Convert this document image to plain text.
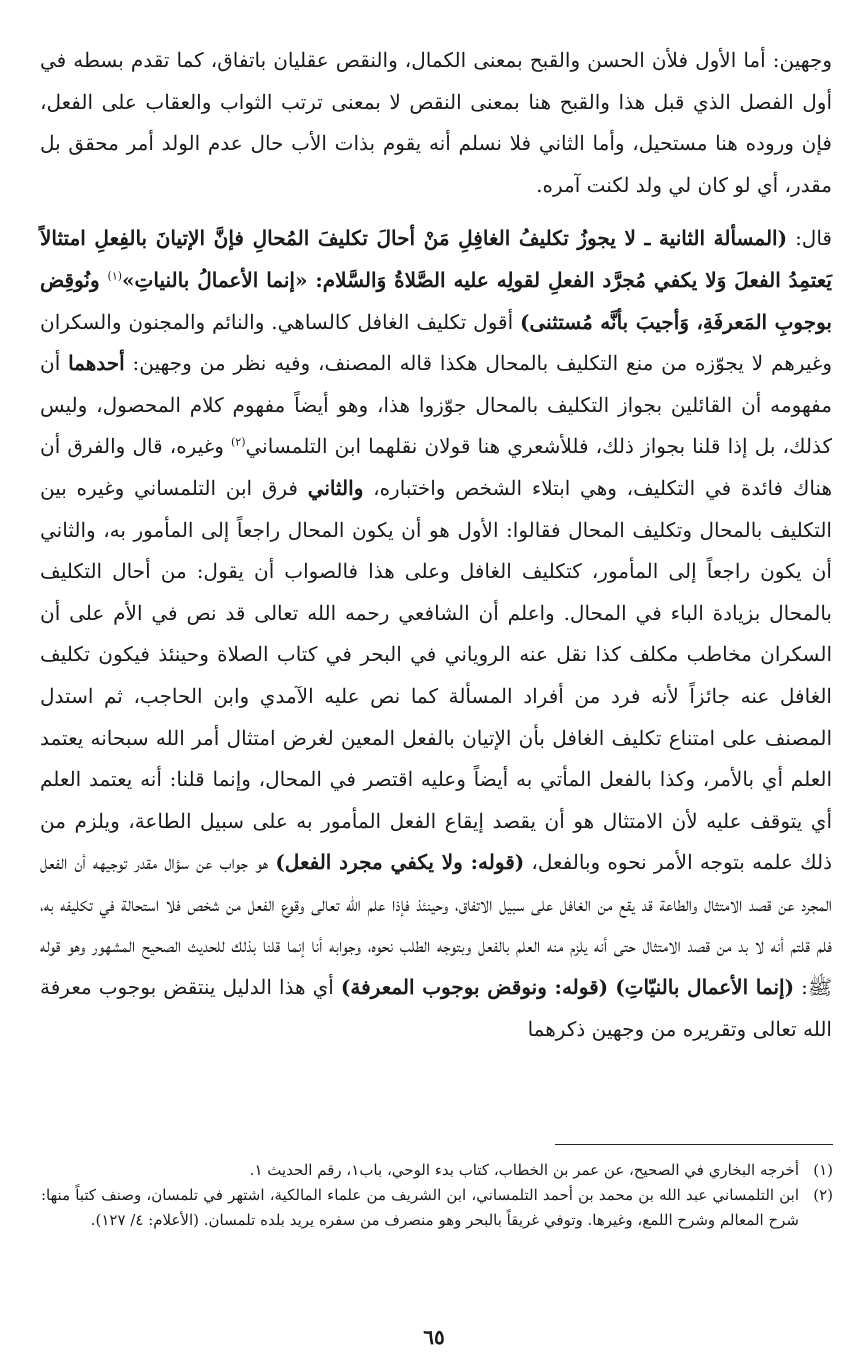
وجهين: أما الأول فلأن الحسن والقبح بمعنى الكمال، والنقص عقليان باتفاق، كما تقدم بسطه في أول الفصل الذي قبل هذا والقبح هنا بمعنى النقص لا بمعنى ترتب الثواب والعقاب على الفعل، فإن وروده هنا مستحيل، وأما الثاني فلا نسلم أنه يقوم بذات الأب حال عدم الولد أمر محقق بل مقدر، أي لو كان لي ولد لكنت آمره.

قال: (المسألة الثانية ـ لا يجوزُ تكليفُ الغافِلِ مَنْ أحالَ تكليفَ المُحالِ فإنَّ الإتيانَ بالفِعلِ امتثالاً يَعتمِدُ الفعلَ وَلا يكفي مُجرَّد الفعلِ لقولِه عليه الصَّلاةُ وَالسَّلام: «إنما الأعمالُ بالنياتِ»$^{(١)}$ ونُوقِض بوجوبِ المَعرفَةِ، وَأجيبَ بأنَّه مُستثنى) أقول تكليف الغافل كالساهي. والنائم والمجنون والسكران وغيرهم لا يجوّزه من منع التكليف بالمحال هكذا قاله المصنف، وفيه نظر من وجهين: أحدهما أن مفهومه أن القائلين بجواز التكليف بالمحال جوّزوا هذا، وهو أيضاً مفهوم كلام المحصول، وليس كذلك، بل إذا قلنا بجواز ذلك، فللأشعري هنا قولان نقلهما ابن التلمساني$^{(٢)}$ وغيره، قال والفرق أن هناك فائدة في التكليف، وهي ابتلاء الشخص واختباره، والثاني فرق ابن التلمساني وغيره بين التكليف بالمحال وتكليف المحال فقالوا: الأول هو أن يكون المحال راجعاً إلى المأمور به، والثاني أن يكون راجعاً إلى المأمور، كتكليف الغافل وعلى هذا فالصواب أن يقول: من أحال التكليف بالمحال بزيادة الباء في المحال. واعلم أن الشافعي رحمه الله تعالى قد نص في الأم على أن السكران مخاطب مكلف كذا نقل عنه الروياني في البحر في كتاب الصلاة وحينئذ فيكون تكليف الغافل عنه جائزاً لأنه فرد من أفراد المسألة كما نص عليه الآمدي وابن الحاجب، ثم استدل المصنف على امتناع تكليف الغافل بأن الإتيان بالفعل المعين لغرض امتثال أمر الله سبحانه يعتمد العلم أي بالأمر، وكذا بالفعل المأتي به أيضاً وعليه اقتصر في المحال، وإنما قلنا: أنه يعتمد العلم أي يتوقف عليه لأن الامتثال هو أن يقصد إيقاع الفعل المأمور به على سبيل الطاعة، ويلزم من ذلك علمه بتوجه الأمر نحوه وبالفعل، (قوله: ولا يكفي مجرد الفعل) هو جواب عن سؤال مقدر توجيهه أن الفعل المجرد عن قصد الامتثال والطاعة قد يقع من الغافل على سبيل الاتفاق، وحينئذ فإذا علم الله تعالى وقوع الفعل من شخص فلا استحالة في تكليفه به، فلم قلتم أنه لا بد من قصد الامتثال حتى أنه يلزم منه العلم بالفعل وبتوجه الطلب نحوه، وجوابه أنا إنما قلنا بذلك للحديث الصحيح المشهور وهو قوله ﷺ: (إنما الأعمال بالنيّاتِ) (قوله: ونوقض بوجوب المعرفة) أي هذا الدليل ينتقض بوجوب معرفة الله تعالى وتقريره من وجهين ذكرهما

(١)
أخرجه البخاري في الصحيح، عن عمر بن الخطاب، كتاب بدء الوحي، باب١، رقم الحديث ١.
(٢)
ابن التلمساني عبد الله بن محمد بن أحمد التلمساني، ابن الشريف من علماء المالكية، اشتهر في تلمسان، وصنف كتباً منها: شرح المعالم وشرح اللمع، وغيرها. وتوفي غريقاً بالبحر وهو منصرف من سفره يريد بلده تلمسان. (الأعلام: ٤/ ١٢٧).
٦٥
